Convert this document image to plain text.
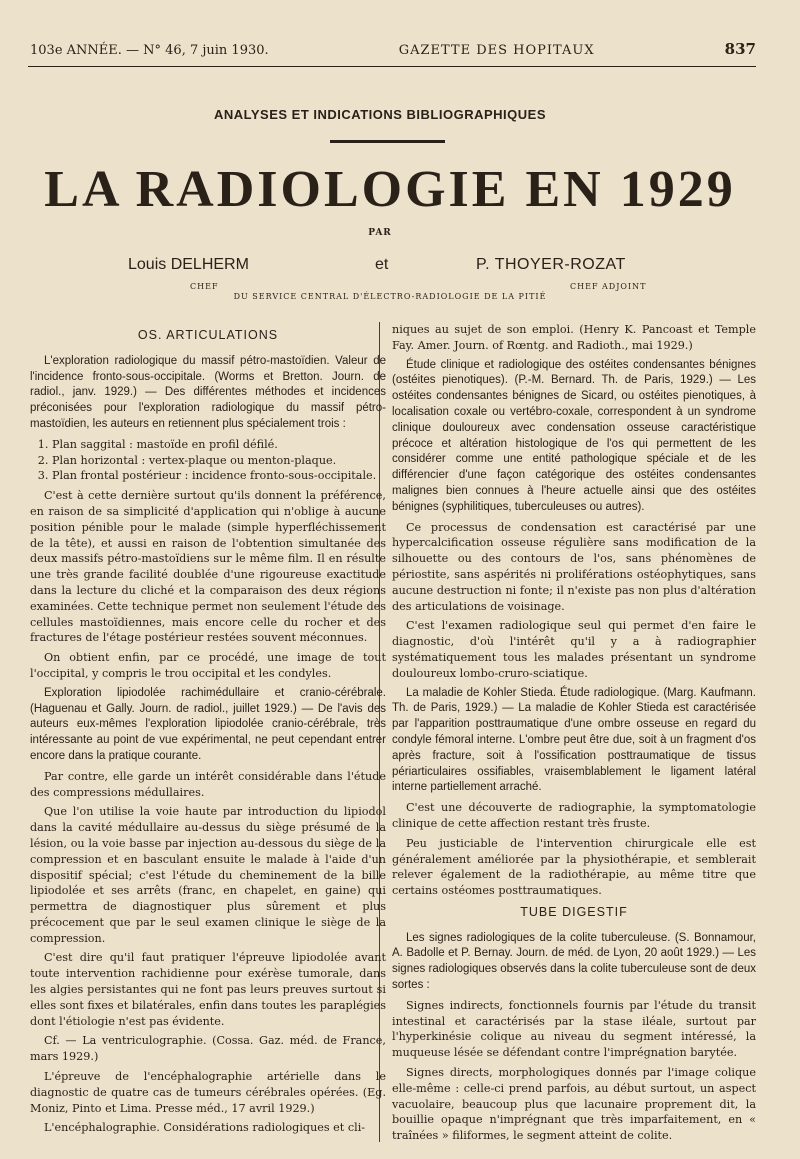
103e ANNÉE. — N° 46, 7 juin 1930.	GAZETTE DES HOPITAUX	837
ANALYSES ET INDICATIONS BIBLIOGRAPHIQUES
LA RADIOLOGIE EN 1929
PAR
Louis DELHERM	et	P. THOYER-ROZAT
CHEF	CHEF ADJOINT
DU SERVICE CENTRAL D'ÉLECTRO-RADIOLOGIE DE LA PITIÉ
OS. ARTICULATIONS

L'exploration radiologique du massif pétro-mastoïdien. Valeur de l'incidence fronto-sous-occipitale. (Worms et Bretton. Journ. de radiol., janv. 1929.) — Des différentes méthodes et incidences préconisées pour l'exploration radiologique du massif pétro-mastoïdien, les auteurs en retiennent plus spécialement trois :

1. Plan saggital : mastoïde en profil défilé.
2. Plan horizontal : vertex-plaque ou menton-plaque.
3. Plan frontal postérieur : incidence fronto-sous-occipitale.

C'est à cette dernière surtout qu'ils donnent la préférence, en raison de sa simplicité d'application qui n'oblige à aucune position pénible pour le malade (simple hyperfléchissement de la tête), et aussi en raison de l'obtention simultanée des deux massifs pétro-mastoïdiens sur le même film. Il en résulte une très grande facilité doublée d'une rigoureuse exactitude dans la lecture du cliché et la comparaison des deux régions examinées. Cette technique permet non seulement l'étude des cellules mastoïdiennes, mais encore celle du rocher et des fractures de l'étage postérieur restées souvent méconnues.

On obtient enfin, par ce procédé, une image de tout l'occipital, y compris le trou occipital et les condyles.

Exploration lipiodolée rachimédullaire et cranio-cérébrale. (Haguenau et Gally. Journ. de radiol., juillet 1929.) — De l'avis des auteurs eux-mêmes l'exploration lipiodolée cranio-cérébrale, très intéressante au point de vue expérimental, ne peut cependant entrer encore dans la pratique courante.

Par contre, elle garde un intérêt considérable dans l'étude des compressions médullaires.

Que l'on utilise la voie haute par introduction du lipiodol dans la cavité médullaire au-dessus du siège présumé de la lésion, ou la voie basse par injection au-dessous du siège de la compression et en basculant ensuite le malade à l'aide d'un dispositif spécial; c'est l'étude du cheminement de la bille lipiodolée et ses arrêts (franc, en chapelet, en gaine) qui permettra de diagnostiquer plus sûrement et plus précocement que par le seul examen clinique le siège de la compression.

C'est dire qu'il faut pratiquer l'épreuve lipiodolée avant toute intervention rachidienne pour exérèse tumorale, dans les algies persistantes qui ne font pas leurs preuves surtout si elles sont fixes et bilatérales, enfin dans toutes les paraplégies dont l'étiologie n'est pas évidente.

Cf. — La ventriculographie. (Cossa. Gaz. méd. de France, mars 1929.)

L'épreuve de l'encéphalographie artérielle dans le diagnostic de quatre cas de tumeurs cérébrales opérées. (Eg. Moniz, Pinto et Lima. Presse méd., 17 avril 1929.)

L'encéphalographie. Considérations radiologiques et cli-

niques au sujet de son emploi. (Henry K. Pancoast et Temple Fay. Amer. Journ. of Rœntg. and Radioth., mai 1929.)

Étude clinique et radiologique des ostéites condensantes bénignes (ostéites pienotiques). (P.-M. Bernard. Th. de Paris, 1929.) — Les ostéites condensantes bénignes de Sicard, ou ostéites pienotiques, à localisation coxale ou vertébro-coxale, correspondent à un syndrome clinique douloureux avec condensation osseuse caractéristique précoce et altération histologique de l'os qui permettent de les considérer comme une entité pathologique spéciale et de les différencier d'une façon catégorique des ostéites condensantes malignes bien connues à l'heure actuelle ainsi que des ostéites bénignes (syphilitiques, tuberculeuses ou autres).

Ce processus de condensation est caractérisé par une hypercalcification osseuse régulière sans modification de la silhouette ou des contours de l'os, sans phénomènes de périostite, sans aspérités ni proliférations ostéophytiques, sans aucune destruction ni fonte; il n'existe pas non plus d'altération des articulations de voisinage.

C'est l'examen radiologique seul qui permet d'en faire le diagnostic, d'où l'intérêt qu'il y a à radiographier systématiquement tous les malades présentant un syndrome douloureux lombo-cruro-sciatique.

La maladie de Kohler Stieda. Étude radiologique. (Marg. Kaufmann. Th. de Paris, 1929.) — La maladie de Kohler Stieda est caractérisée par l'apparition posttraumatique d'une ombre osseuse en regard du condyle fémoral interne. L'ombre peut être due, soit à un fragment d'os après fracture, soit à l'ossification posttraumatique de tissus périarticulaires ossifiables, vraisemblablement le ligament latéral interne partiellement arraché.

C'est une découverte de radiographie, la symptomatologie clinique de cette affection restant très fruste.

Peu justiciable de l'intervention chirurgicale elle est généralement améliorée par la physiothérapie, et semblerait relever également de la radiothérapie, au même titre que certains ostéomes posttraumatiques.

TUBE DIGESTIF

Les signes radiologiques de la colite tuberculeuse. (S. Bonnamour, A. Badolle et P. Bernay. Journ. de méd. de Lyon, 20 août 1929.) — Les signes radiologiques observés dans la colite tuberculeuse sont de deux sortes :

Signes indirects, fonctionnels fournis par l'étude du transit intestinal et caractérisés par la stase iléale, surtout par l'hyperkinésie colique au niveau du segment intéressé, la muqueuse lésée se défendant contre l'imprégnation barytée.

Signes directs, morphologiques donnés par l'image colique elle-même : celle-ci prend parfois, au début surtout, un aspect vacuolaire, beaucoup plus que lacunaire proprement dit, la bouillie opaque n'imprégnant que très imparfaitement, en « traînées » filiformes, le segment atteint de colite.
